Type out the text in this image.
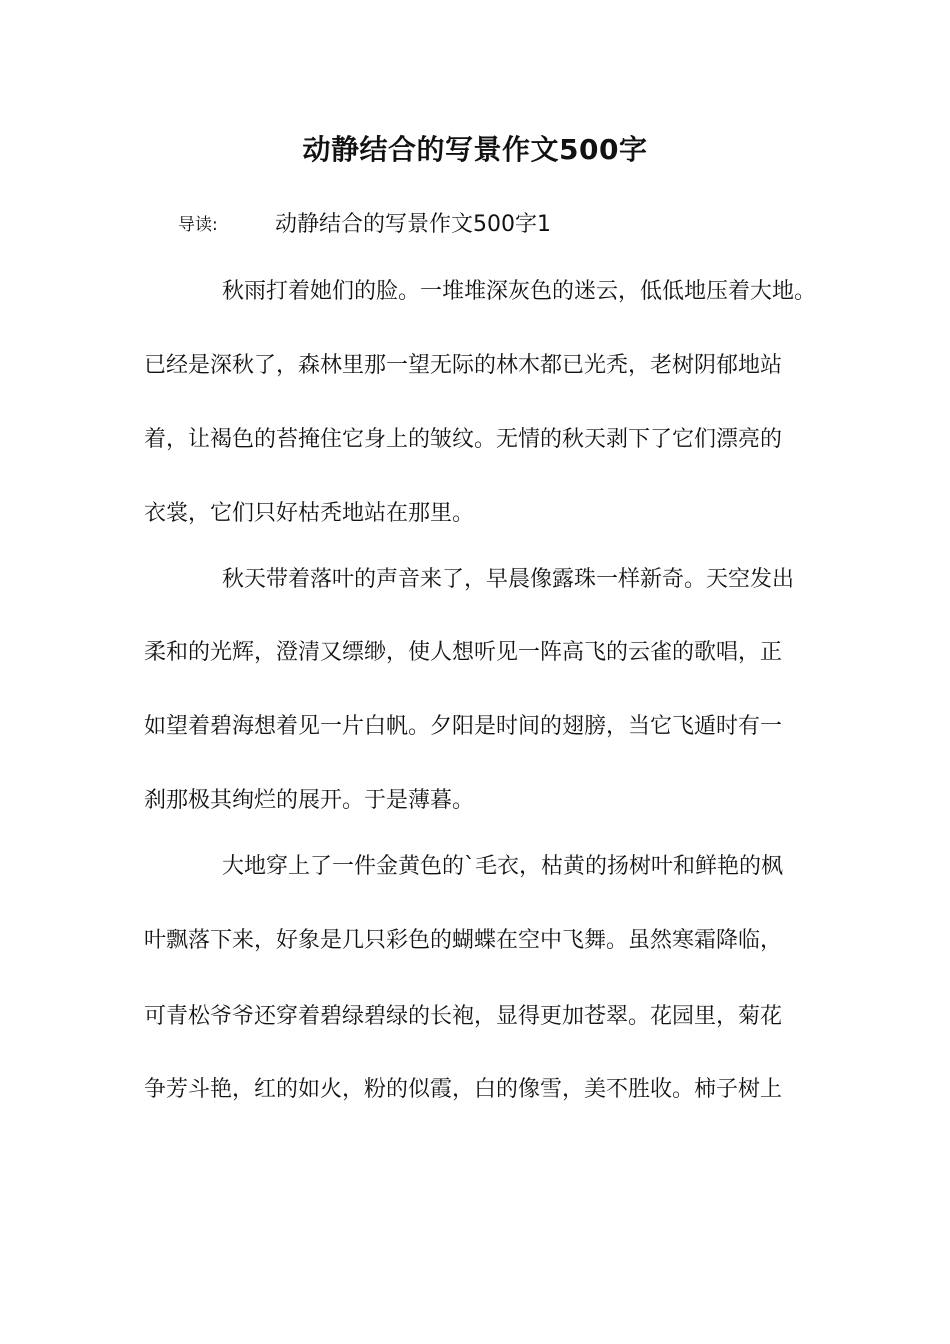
动静结合的写景作文500字
导读:	动静结合的写景作文500字1
秋雨打着她们的脸。一堆堆深灰色的迷云，低低地压着大地。
已经是深秋了，森林里那一望无际的林木都已光秃，老树阴郁地站
着，让褐色的苔掩住它身上的皱纹。无情的秋天剥下了它们漂亮的
衣裳，它们只好枯秃地站在那里。
秋天带着落叶的声音来了，早晨像露珠一样新奇。天空发出
柔和的光辉，澄清又缥缈，使人想听见一阵高飞的云雀的歌唱，正
如望着碧海想着见一片白帆。夕阳是时间的翅膀，当它飞遁时有一
刹那极其绚烂的展开。于是薄暮。
大地穿上了一件金黄色的`毛衣，枯黄的扬树叶和鲜艳的枫
叶飘落下来，好象是几只彩色的蝴蝶在空中飞舞。虽然寒霜降临，
可青松爷爷还穿着碧绿碧绿的长袍，显得更加苍翠。花园里，菊花
争芳斗艳，红的如火，粉的似霞，白的像雪，美不胜收。柿子树上
